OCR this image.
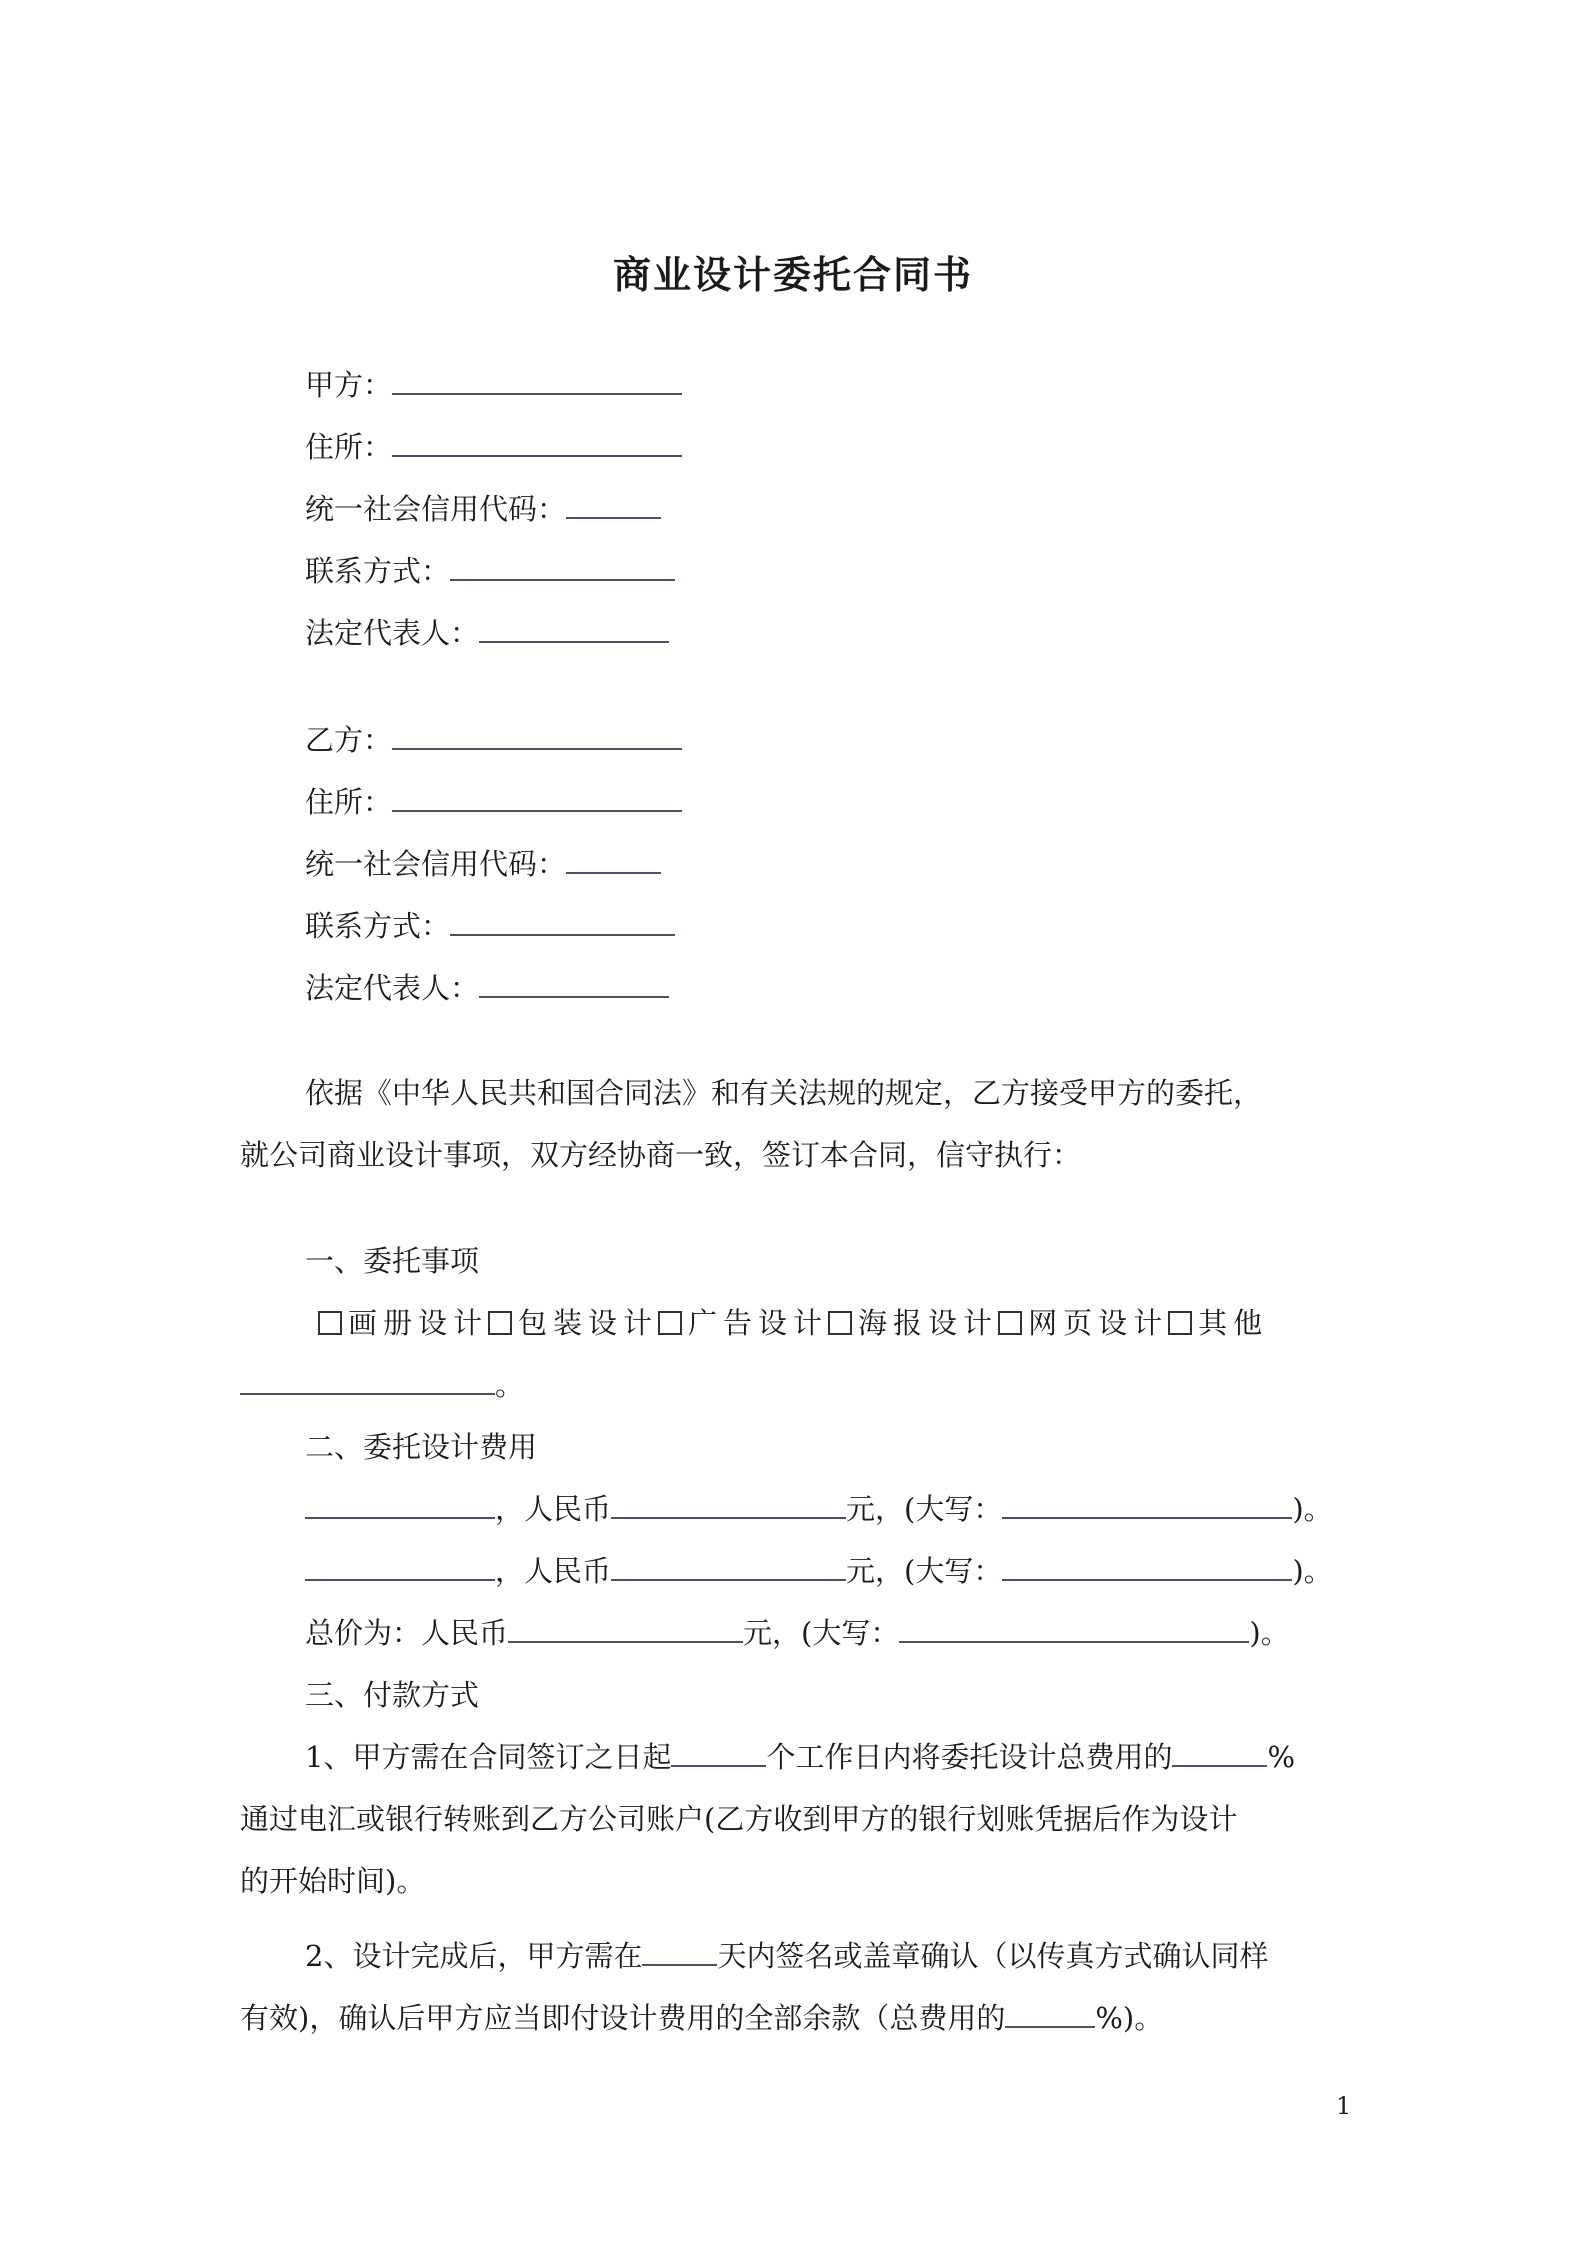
商业设计委托合同书
甲方：
住所：
统一社会信用代码：
联系方式：
法定代表人：
乙方：
住所：
统一社会信用代码：
联系方式：
法定代表人：
依据《中华人民共和国合同法》和有关法规的规定，乙方接受甲方的委托，
就公司商业设计事项，双方经协商一致，签订本合同，信守执行：
一、委托事项
画册设计 包装设计 广告设计 海报设计 网页设计 其他
。
二、委托设计费用
，人民币	元，(大写：	)。
，人民币	元，(大写：	)。
总价为：人民币	元，(大写：	)。
三、付款方式
1、甲方需在合同签订之日起	个工作日内将委托设计总费用的	%
通过电汇或银行转账到乙方公司账户(乙方收到甲方的银行划账凭据后作为设计
的开始时间)。
2、设计完成后，甲方需在	天内签名或盖章确认（以传真方式确认同样
有效)，确认后甲方应当即付设计费用的全部余款（总费用的	%)。
1
